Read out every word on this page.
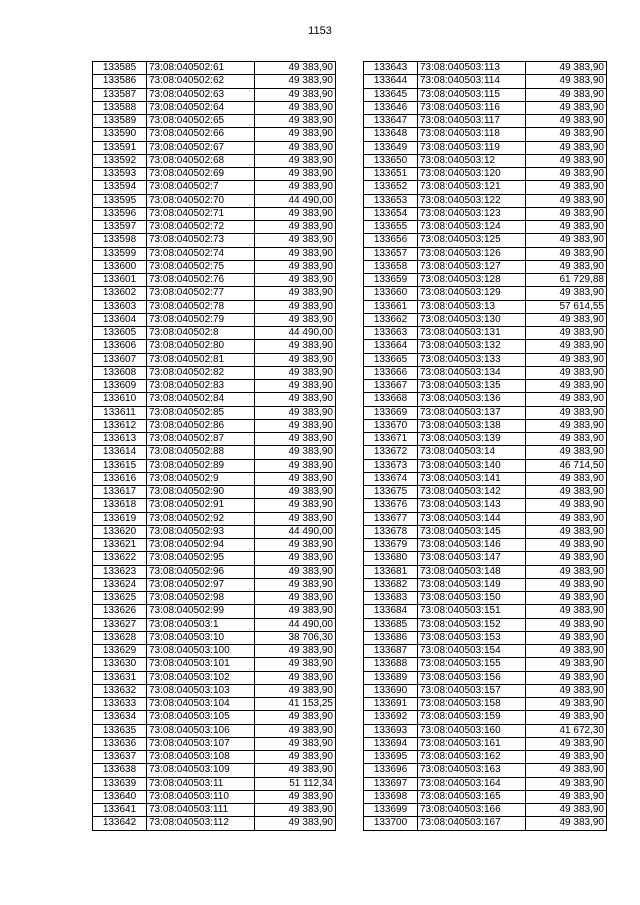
1153
133585	73:08:040502:61	49 383,90
133586	73:08:040502:62	49 383,90
133587	73:08:040502:63	49 383,90
133588	73:08:040502:64	49 383,90
133589	73:08:040502:65	49 383,90
133590	73:08:040502:66	49 383,90
133591	73:08:040502:67	49 383,90
133592	73:08:040502:68	49 383,90
133593	73:08:040502:69	49 383,90
133594	73:08:040502:7	49 383,90
133595	73:08:040502:70	44 490,00
133596	73:08:040502:71	49 383,90
133597	73:08:040502:72	49 383,90
133598	73:08:040502:73	49 383,90
133599	73:08:040502:74	49 383,90
133600	73:08:040502:75	49 383,90
133601	73:08:040502:76	49 383,90
133602	73:08:040502:77	49 383,90
133603	73:08:040502:78	49 383,90
133604	73:08:040502:79	49 383,90
133605	73:08:040502:8	44 490,00
133606	73:08:040502:80	49 383,90
133607	73:08:040502:81	49 383,90
133608	73:08:040502:82	49 383,90
133609	73:08:040502:83	49 383,90
133610	73:08:040502:84	49 383,90
133611	73:08:040502:85	49 383,90
133612	73:08:040502:86	49 383,90
133613	73:08:040502:87	49 383,90
133614	73:08:040502:88	49 383,90
133615	73:08:040502:89	49 383,90
133616	73:08:040502:9	49 383,90
133617	73:08:040502:90	49 383,90
133618	73:08:040502:91	49 383,90
133619	73:08:040502:92	49 383,90
133620	73:08:040502:93	44 490,00
133621	73:08:040502:94	49 383,90
133622	73:08:040502:95	49 383,90
133623	73:08:040502:96	49 383,90
133624	73:08:040502:97	49 383,90
133625	73:08:040502:98	49 383,90
133626	73:08:040502:99	49 383,90
133627	73:08:040503:1	44 490,00
133628	73:08:040503:10	38 706,30
133629	73:08:040503:100	49 383,90
133630	73:08:040503:101	49 383,90
133631	73:08:040503:102	49 383,90
133632	73:08:040503:103	49 383,90
133633	73:08:040503:104	41 153,25
133634	73:08:040503:105	49 383,90
133635	73:08:040503:106	49 383,90
133636	73:08:040503:107	49 383,90
133637	73:08:040503:108	49 383,90
133638	73:08:040503:109	49 383,90
133639	73:08:040503:11	51 112,34
133640	73:08:040503:110	49 383,90
133641	73:08:040503:111	49 383,90
133642	73:08:040503:112	49 383,90
133643	73:08:040503:113	49 383,90
133644	73:08:040503:114	49 383,90
133645	73:08:040503:115	49 383,90
133646	73:08:040503:116	49 383,90
133647	73:08:040503:117	49 383,90
133648	73:08:040503:118	49 383,90
133649	73:08:040503:119	49 383,90
133650	73:08:040503:12	49 383,90
133651	73:08:040503:120	49 383,90
133652	73:08:040503:121	49 383,90
133653	73:08:040503:122	49 383,90
133654	73:08:040503:123	49 383,90
133655	73:08:040503:124	49 383,90
133656	73:08:040503:125	49 383,90
133657	73:08:040503:126	49 383,90
133658	73:08:040503:127	49 383,90
133659	73:08:040503:128	61 729,88
133660	73:08:040503:129	49 383,90
133661	73:08:040503:13	57 614,55
133662	73:08:040503:130	49 383,90
133663	73:08:040503:131	49 383,90
133664	73:08:040503:132	49 383,90
133665	73:08:040503:133	49 383,90
133666	73:08:040503:134	49 383,90
133667	73:08:040503:135	49 383,90
133668	73:08:040503:136	49 383,90
133669	73:08:040503:137	49 383,90
133670	73:08:040503:138	49 383,90
133671	73:08:040503:139	49 383,90
133672	73:08:040503:14	49 383,90
133673	73:08:040503:140	46 714,50
133674	73:08:040503:141	49 383,90
133675	73:08:040503:142	49 383,90
133676	73:08:040503:143	49 383,90
133677	73:08:040503:144	49 383,90
133678	73:08:040503:145	49 383,90
133679	73:08:040503:146	49 383,90
133680	73:08:040503:147	49 383,90
133681	73:08:040503:148	49 383,90
133682	73:08:040503:149	49 383,90
133683	73:08:040503:150	49 383,90
133684	73:08:040503:151	49 383,90
133685	73:08:040503:152	49 383,90
133686	73:08:040503:153	49 383,90
133687	73:08:040503:154	49 383,90
133688	73:08:040503:155	49 383,90
133689	73:08:040503:156	49 383,90
133690	73:08:040503:157	49 383,90
133691	73:08:040503:158	49 383,90
133692	73:08:040503:159	49 383,90
133693	73:08:040503:160	41 672,30
133694	73:08:040503:161	49 383,90
133695	73:08:040503:162	49 383,90
133696	73:08:040503:163	49 383,90
133697	73:08:040503:164	49 383,90
133698	73:08:040503:165	49 383,90
133699	73:08:040503:166	49 383,90
133700	73:08:040503:167	49 383,90
